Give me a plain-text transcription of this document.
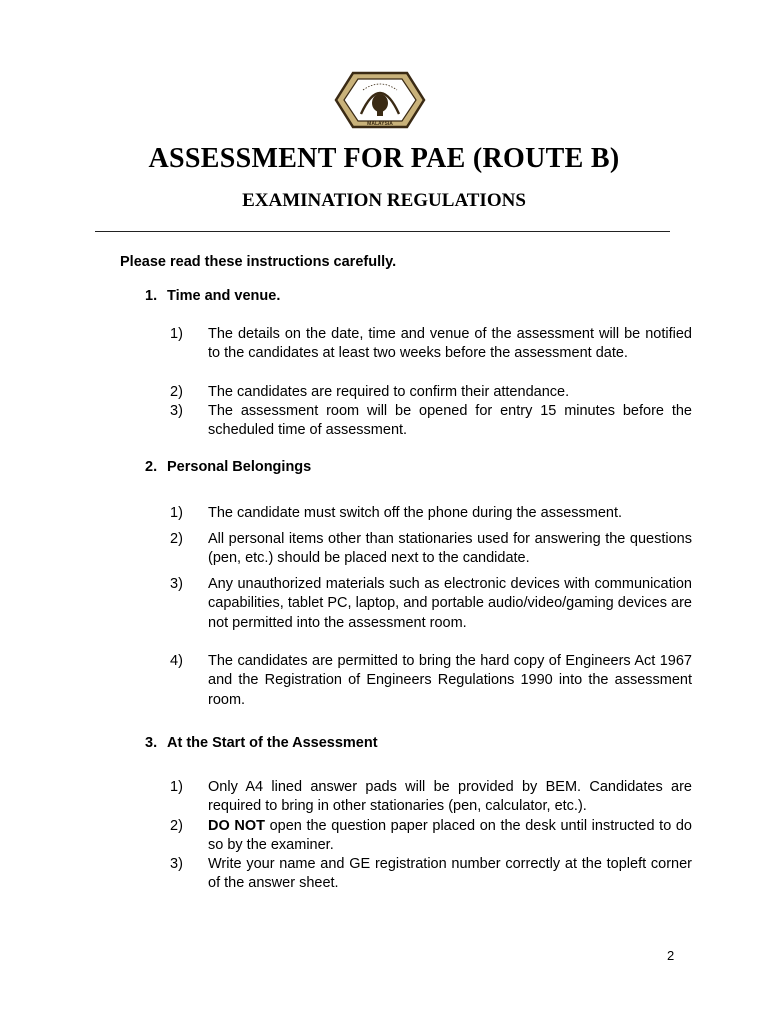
MALAYSIA
ASSESSMENT FOR PAE (ROUTE B)
EXAMINATION REGULATIONS
Please read these instructions carefully.
1. Time and venue.
1)	The details on the date, time and venue of the assessment will be notified to the candidates at least two weeks before the assessment date.
2)	The candidates are required to confirm their attendance.
3)	The assessment room will be opened for entry 15 minutes before the scheduled time of assessment.
2. Personal Belongings
1)	The candidate must switch off the phone during the assessment.
2)	All personal items other than stationaries used for answering the questions (pen, etc.) should be placed next to the candidate.
3)	Any unauthorized materials such as electronic devices with communication capabilities, tablet PC, laptop, and portable audio/video/gaming devices are not permitted into the assessment room.
4)	The candidates are permitted to bring the hard copy of Engineers Act 1967 and the Registration of Engineers Regulations 1990 into the assessment room.
3. At the Start of the Assessment
1)	Only A4 lined answer pads will be provided by BEM. Candidates are required to bring in other stationaries (pen, calculator, etc.).
2)	DO NOT open the question paper placed on the desk until instructed to do so by the examiner.
3)	Write your name and GE registration number correctly at the topleft corner of the answer sheet.
2
